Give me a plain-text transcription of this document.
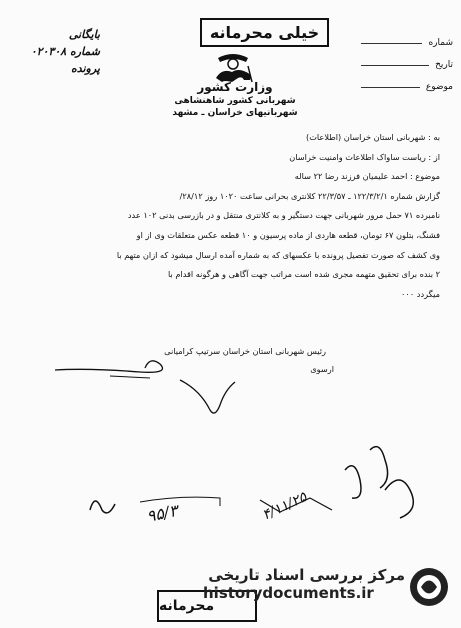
خیلی محرمانه
بایگانی
شماره ۰۲۰۳۰۸
پرونده
شماره
تاریخ
موضوع
وزارت کشور
شهربانی کشور شاهنشاهی
شهربانیهای خراسان ـ مشهد
به : شهربانی استان خراسان (اطلاعات)
از : ریاست ساواک اطلاعات وامنیت خراسان
موضوع : احمد علیمیان فرزند رضا ۲۲ ساله
گزارش شماره ۱۲۲/۳/۲/۱ ـ ۲۲/۳/۵۷ کلانتری بحرانی ساعت ۱۰۲۰ روز ۲۸/۱۲/
نامبرده ۷۱ حمل مرور شهربانی جهت دستگیر و به کلانتری منتقل و در بازرسی بدنی ۱۰۲ عدد
فشنگ، بتلون ۶۷ تومان، قطعه هاردی از ماده پرسیون و ۱۰ قطعه عکس متعلقات وی از او
وی کشف که صورت تفصیل پرونده با عکسهای که به شماره آمده ارسال میشود که ازان متهم با
۲ بنده برای تحقیق متهمه مجری شده است مراتب جهت آگاهی و هرگونه اقدام با
میگردد ۰۰۰
رئیس شهربانی استان خراسان سرتیپ کرامیانی
ارسوی
۹۵/۳	۴/۱۱/۲۵
محرمانه
مرکز بررسی اسناد تاریخی
historydocuments.ir
